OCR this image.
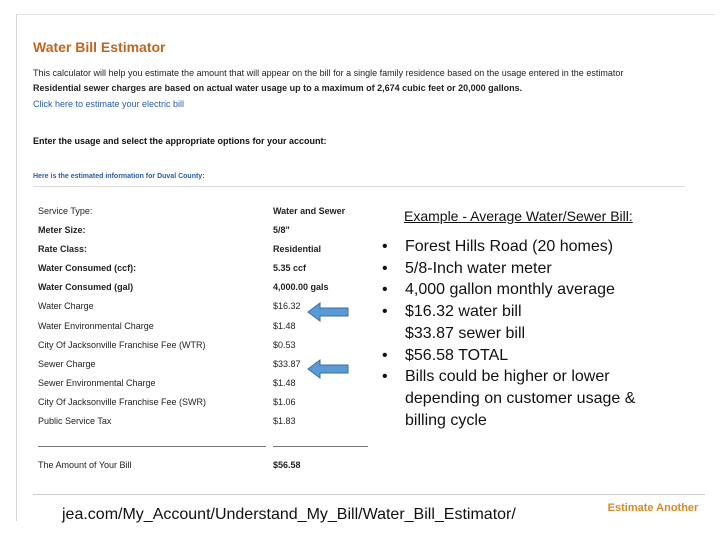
Water Bill Estimator
This calculator will help you estimate the amount that will appear on the bill for a single family residence based on the usage entered in the estimator
Residential sewer charges are based on actual water usage up to a maximum of 2,674 cubic feet or 20,000 gallons.
Click here to estimate your electric bill
Enter the usage and select the appropriate options for your account:
Here is the estimated information for Duval County:
Service Type:	Water and Sewer
Meter Size:	5/8"
Rate Class:	Residential
Water Consumed (ccf):	5.35 ccf
Water Consumed (gal)	4,000.00 gals
Water Charge	$16.32
Water Environmental Charge	$1.48
City Of Jacksonville Franchise Fee (WTR)	$0.53
Sewer Charge	$33.87
Sewer Environmental Charge	$1.48
City Of Jacksonville Franchise Fee (SWR)	$1.06
Public Service Tax	$1.83
The Amount of Your Bill	$56.58
Example - Average Water/Sewer Bill:
• Forest Hills Road (20 homes)
• 5/8-Inch water meter
• 4,000 gallon monthly average
• $16.32 water bill
$33.87 sewer bill
• $56.58 TOTAL
• Bills could be higher or lower
depending on customer usage &
billing cycle
jea.com/My_Account/Understand_My_Bill/Water_Bill_Estimator/	Estimate Another
